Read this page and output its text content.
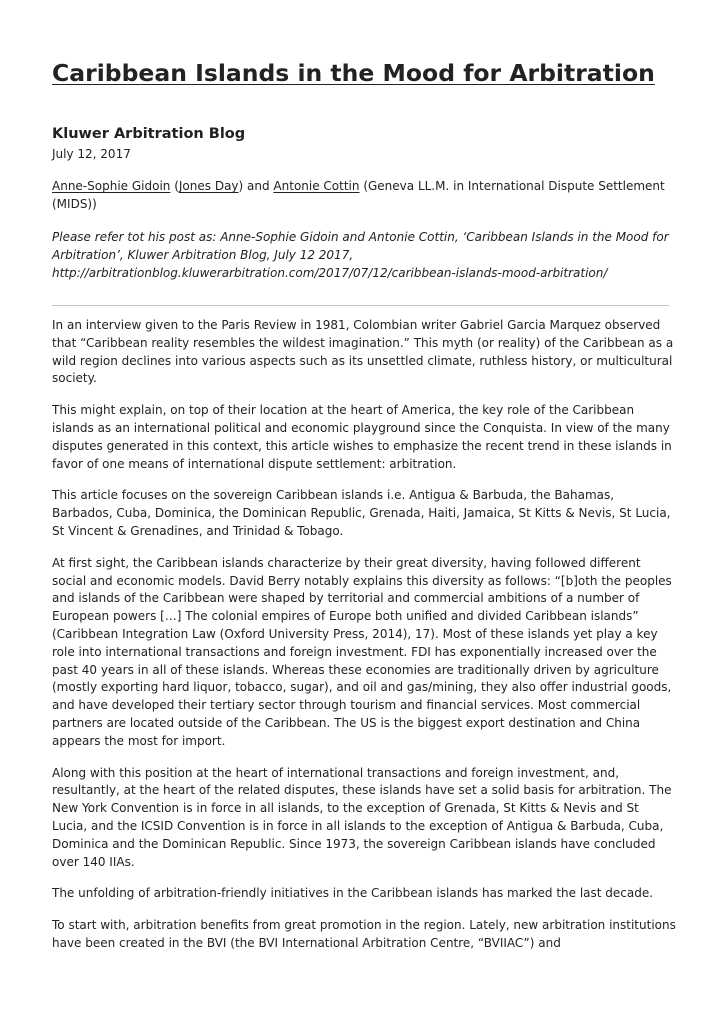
Caribbean Islands in the Mood for Arbitration
Kluwer Arbitration Blog
July 12, 2017
Anne-Sophie Gidoin (Jones Day) and Antonie Cottin (Geneva LL.M. in International Dispute Settlement (MIDS))
Please refer tot his post as: Anne-Sophie Gidoin and Antonie Cottin, ‘Caribbean Islands in the Mood for Arbitration’, Kluwer Arbitration Blog, July 12 2017, http://arbitrationblog.kluwerarbitration.com/2017/07/12/caribbean-islands-mood-arbitration/

In an interview given to the Paris Review in 1981, Colombian writer Gabriel Garcia Marquez observed that “Caribbean reality resembles the wildest imagination.” This myth (or reality) of the Caribbean as a wild region declines into various aspects such as its unsettled climate, ruthless history, or multicultural society.

This might explain, on top of their location at the heart of America, the key role of the Caribbean islands as an international political and economic playground since the Conquista. In view of the many disputes generated in this context, this article wishes to emphasize the recent trend in these islands in favor of one means of international dispute settlement: arbitration.

This article focuses on the sovereign Caribbean islands i.e. Antigua & Barbuda, the Bahamas, Barbados, Cuba, Dominica, the Dominican Republic, Grenada, Haiti, Jamaica, St Kitts & Nevis, St Lucia, St Vincent & Grenadines, and Trinidad & Tobago.

At first sight, the Caribbean islands characterize by their great diversity, having followed different social and economic models. David Berry notably explains this diversity as follows: “[b]oth the peoples and islands of the Caribbean were shaped by territorial and commercial ambitions of a number of European powers […] The colonial empires of Europe both unified and divided Caribbean islands” (Caribbean Integration Law (Oxford University Press, 2014), 17). Most of these islands yet play a key role into international transactions and foreign investment. FDI has exponentially increased over the past 40 years in all of these islands. Whereas these economies are traditionally driven by agriculture (mostly exporting hard liquor, tobacco, sugar), and oil and gas/mining, they also offer industrial goods, and have developed their tertiary sector through tourism and financial services. Most commercial partners are located outside of the Caribbean. The US is the biggest export destination and China appears the most for import.

Along with this position at the heart of international transactions and foreign investment, and, resultantly, at the heart of the related disputes, these islands have set a solid basis for arbitration. The New York Convention is in force in all islands, to the exception of Grenada, St Kitts & Nevis and St Lucia, and the ICSID Convention is in force in all islands to the exception of Antigua & Barbuda, Cuba, Dominica and the Dominican Republic. Since 1973, the sovereign Caribbean islands have concluded over 140 IIAs.

The unfolding of arbitration-friendly initiatives in the Caribbean islands has marked the last decade.

To start with, arbitration benefits from great promotion in the region. Lately, new arbitration institutions have been created in the BVI (the BVI International Arbitration Centre, “BVIIAC”) and
